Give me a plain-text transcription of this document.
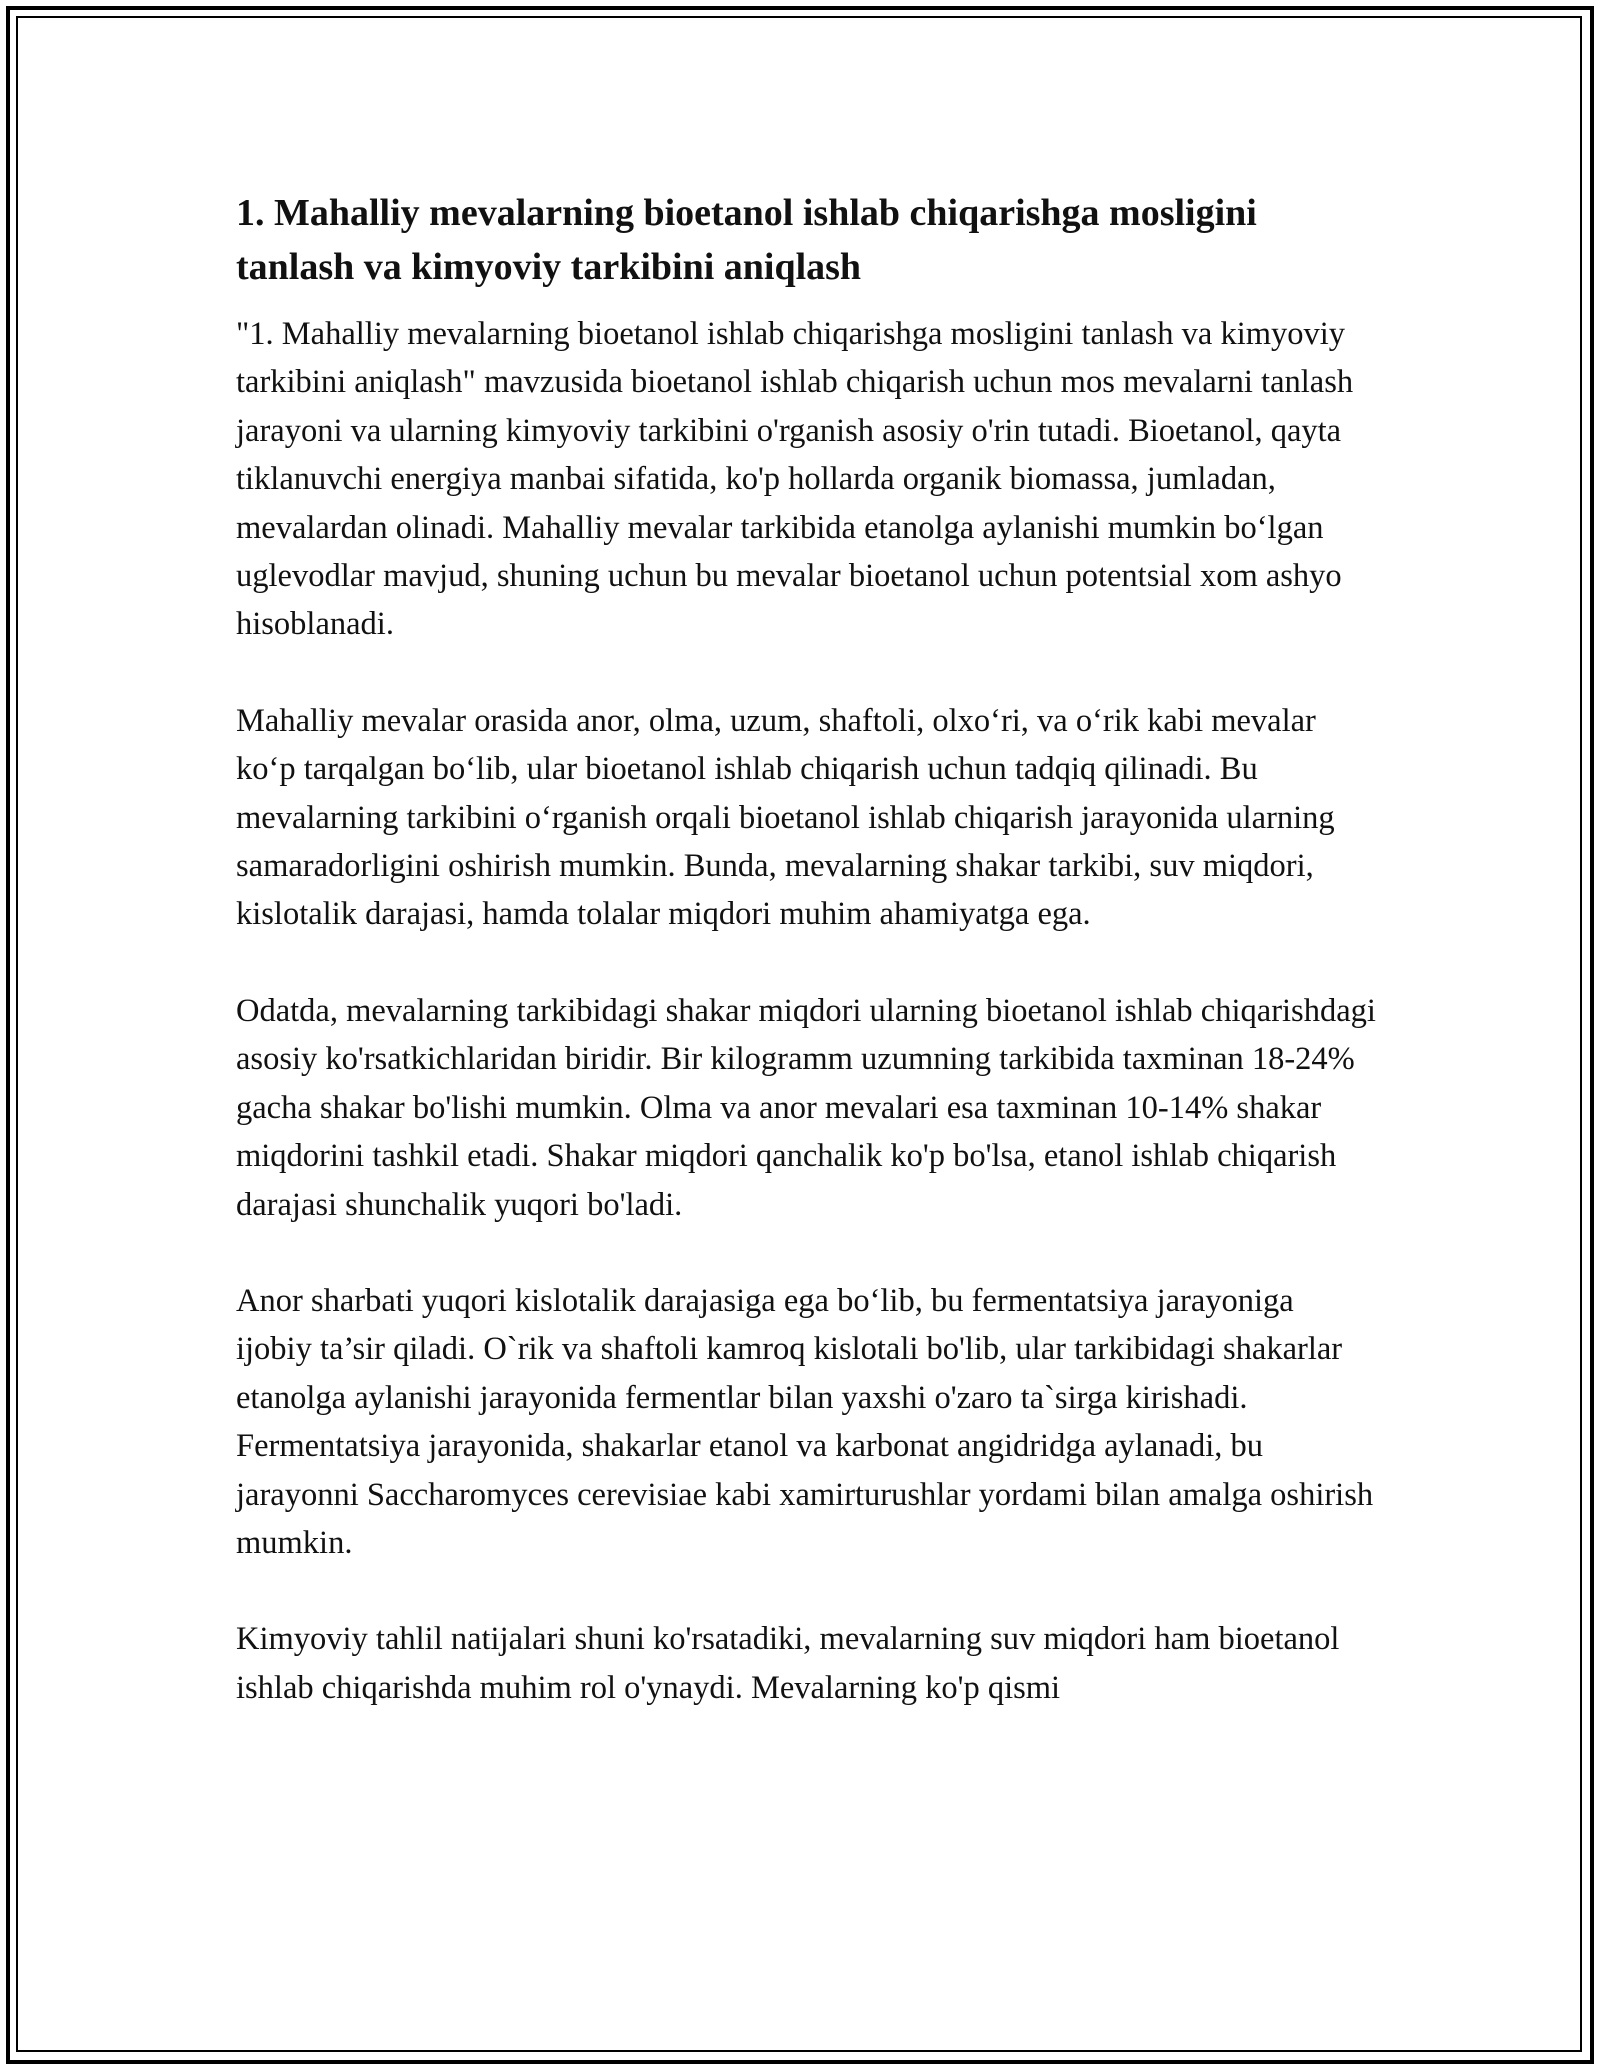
1. Mahalliy mevalarning bioetanol ishlab chiqarishga mosligini tanlash va kimyoviy tarkibini aniqlash

"1. Mahalliy mevalarning bioetanol ishlab chiqarishga mosligini tanlash va kimyoviy tarkibini aniqlash" mavzusida bioetanol ishlab chiqarish uchun mos mevalarni tanlash jarayoni va ularning kimyoviy tarkibini o'rganish asosiy o'rin tutadi. Bioetanol, qayta tiklanuvchi energiya manbai sifatida, ko'p hollarda organik biomassa, jumladan, mevalardan olinadi. Mahalliy mevalar tarkibida etanolga aylanishi mumkin bo‘lgan uglevodlar mavjud, shuning uchun bu mevalar bioetanol uchun potentsial xom ashyo hisoblanadi.

Mahalliy mevalar orasida anor, olma, uzum, shaftoli, olxo‘ri, va o‘rik kabi mevalar ko‘p tarqalgan bo‘lib, ular bioetanol ishlab chiqarish uchun tadqiq qilinadi. Bu mevalarning tarkibini o‘rganish orqali bioetanol ishlab chiqarish jarayonida ularning samaradorligini oshirish mumkin. Bunda, mevalarning shakar tarkibi, suv miqdori, kislotalik darajasi, hamda tolalar miqdori muhim ahamiyatga ega.

Odatda, mevalarning tarkibidagi shakar miqdori ularning bioetanol ishlab chiqarishdagi asosiy ko'rsatkichlaridan biridir. Bir kilogramm uzumning tarkibida taxminan 18-24% gacha shakar bo'lishi mumkin. Olma va anor mevalari esa taxminan 10-14% shakar miqdorini tashkil etadi. Shakar miqdori qanchalik ko'p bo'lsa, etanol ishlab chiqarish darajasi shunchalik yuqori bo'ladi.

Anor sharbati yuqori kislotalik darajasiga ega bo‘lib, bu fermentatsiya jarayoniga ijobiy ta’sir qiladi. O`rik va shaftoli kamroq kislotali bo'lib, ular tarkibidagi shakarlar etanolga aylanishi jarayonida fermentlar bilan yaxshi o'zaro ta`sirga kirishadi. Fermentatsiya jarayonida, shakarlar etanol va karbonat angidridga aylanadi, bu jarayonni Saccharomyces cerevisiae kabi xamirturushlar yordami bilan amalga oshirish mumkin.

Kimyoviy tahlil natijalari shuni ko'rsatadiki, mevalarning suv miqdori ham bioetanol ishlab chiqarishda muhim rol o'ynaydi. Mevalarning ko'p qismi
